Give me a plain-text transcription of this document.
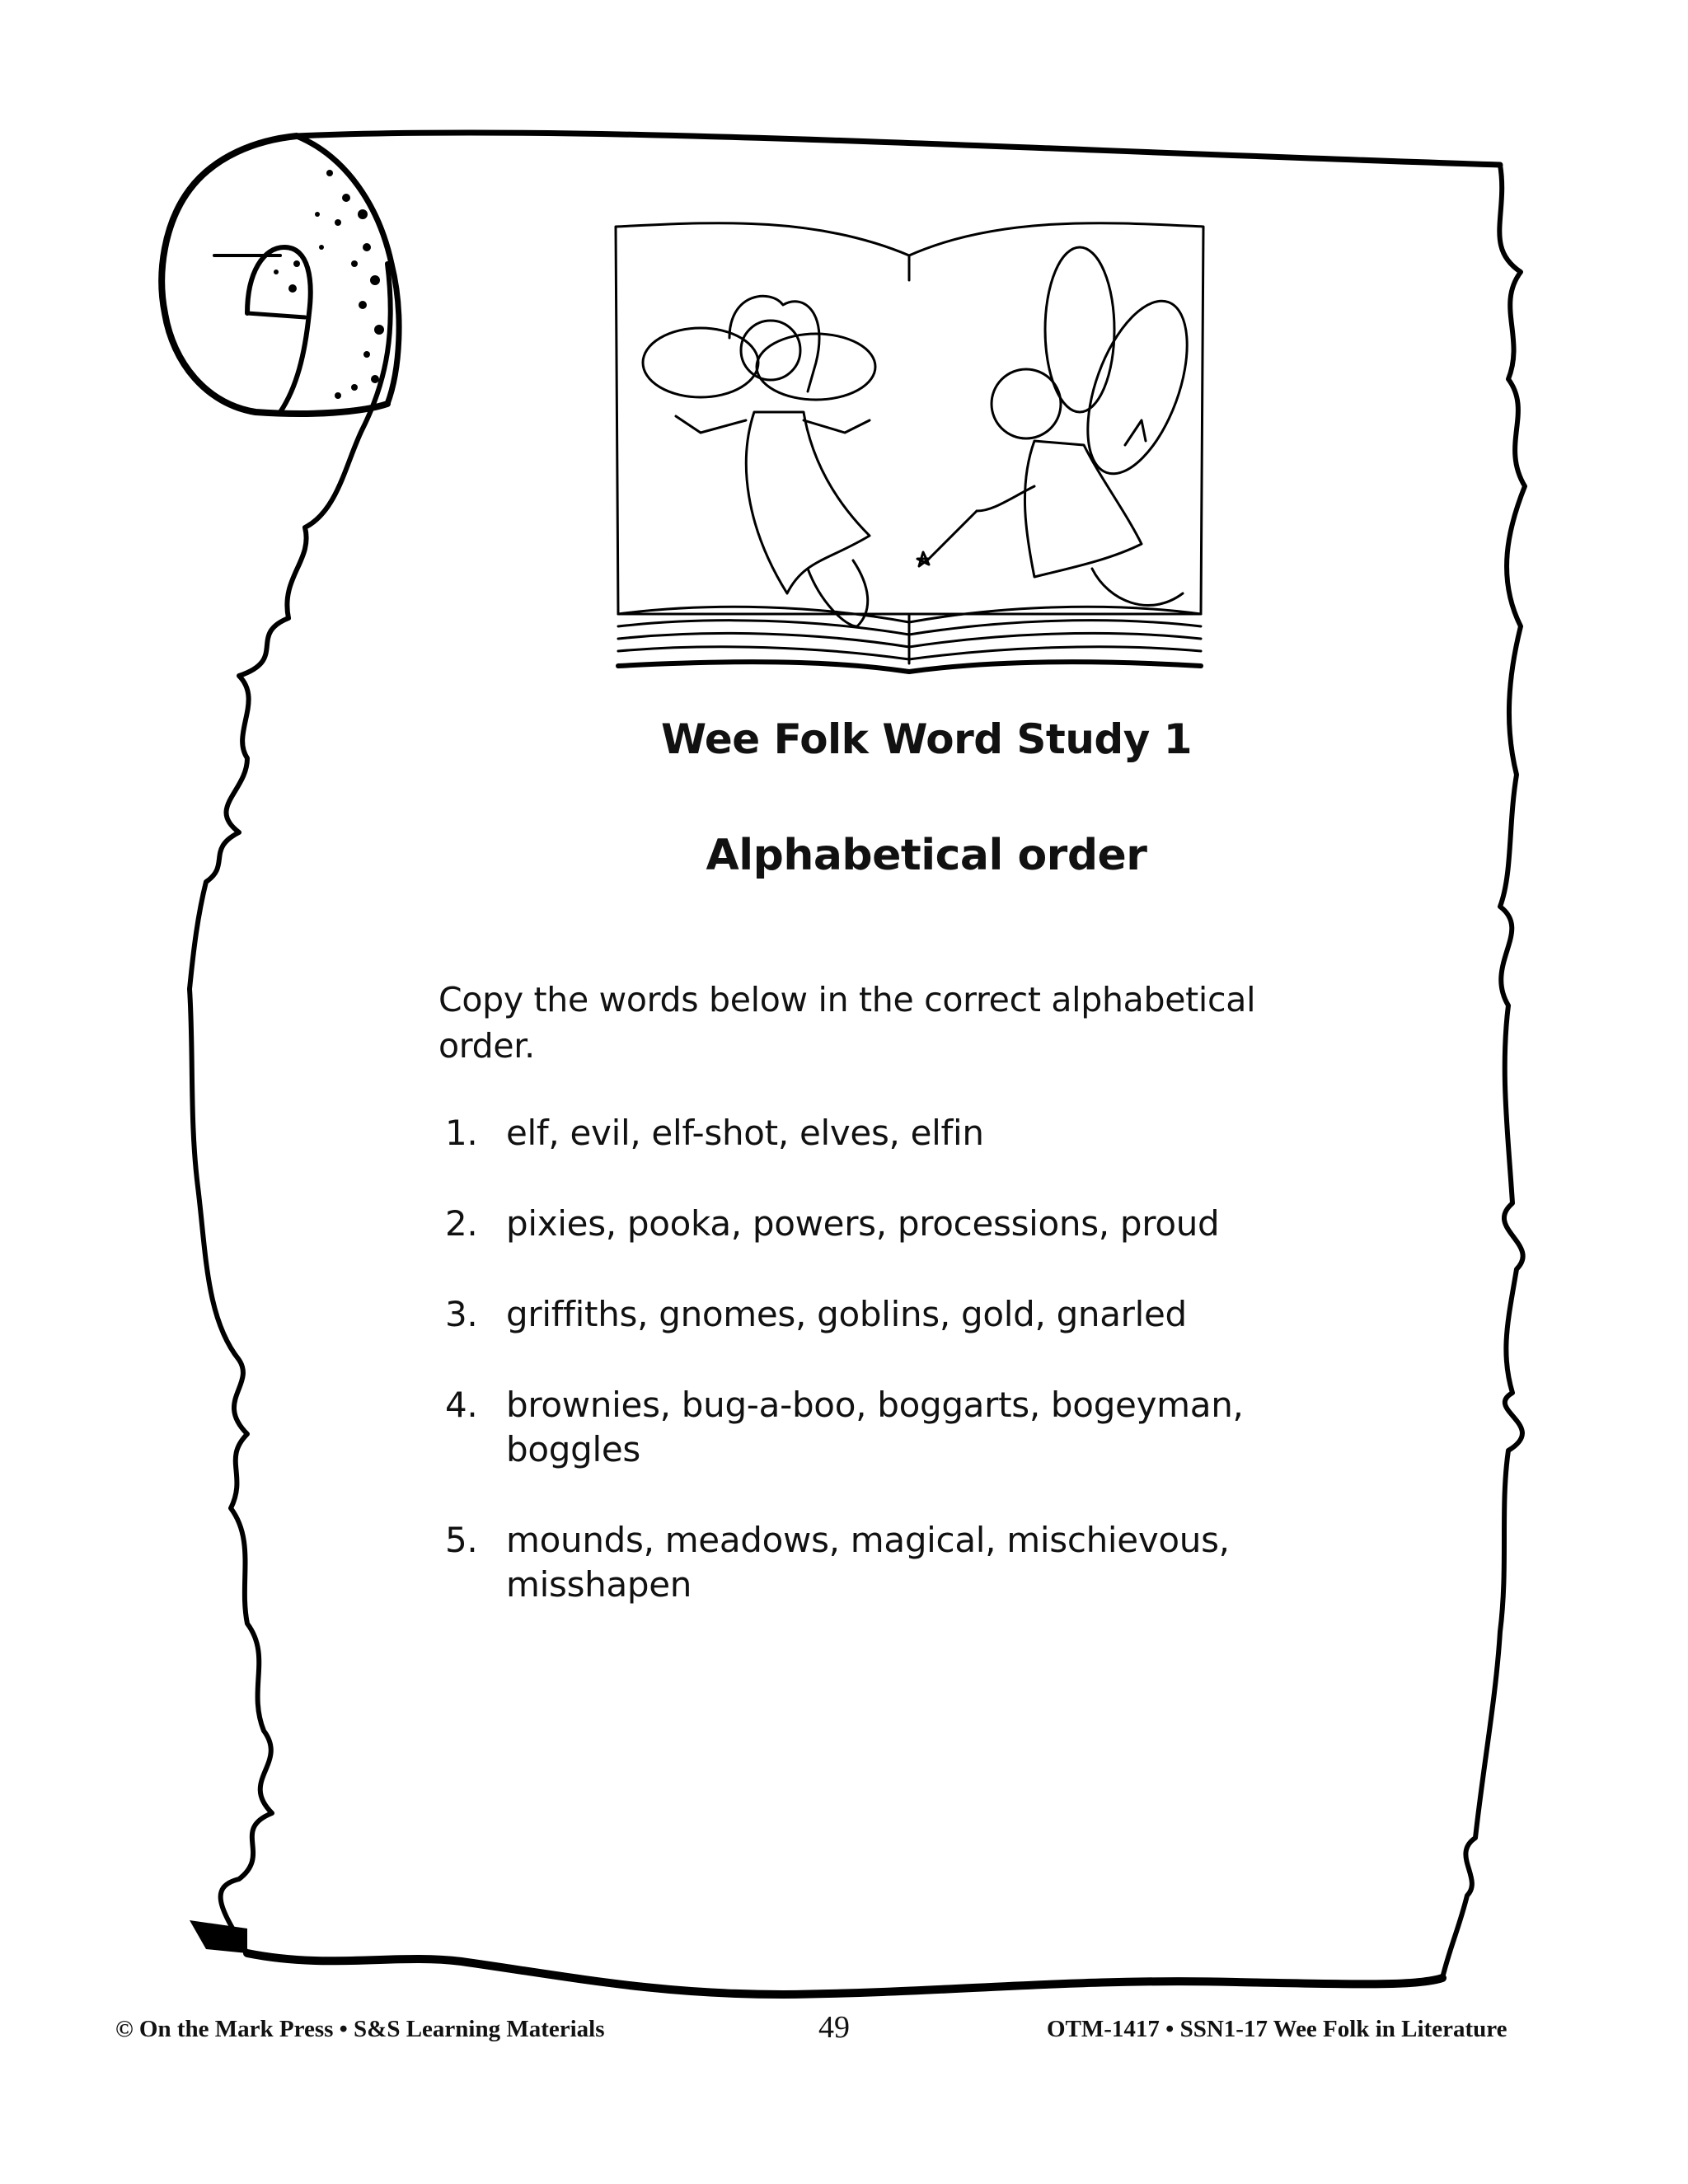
Wee Folk Word Study 1
Alphabetical order
Copy the words below in the correct alphabetical order.
1. elf, evil, elf-shot, elves, elfin
2. pixies, pooka, powers, processions, proud
3. griffiths, gnomes, goblins, gold, gnarled
4. brownies, bug-a-boo, boggarts, bogeyman, boggles
5. mounds, meadows, magical, mischievous, misshapen
© On the Mark Press • S&S Learning Materials	49	OTM-1417 • SSN1-17 Wee Folk in Literature
